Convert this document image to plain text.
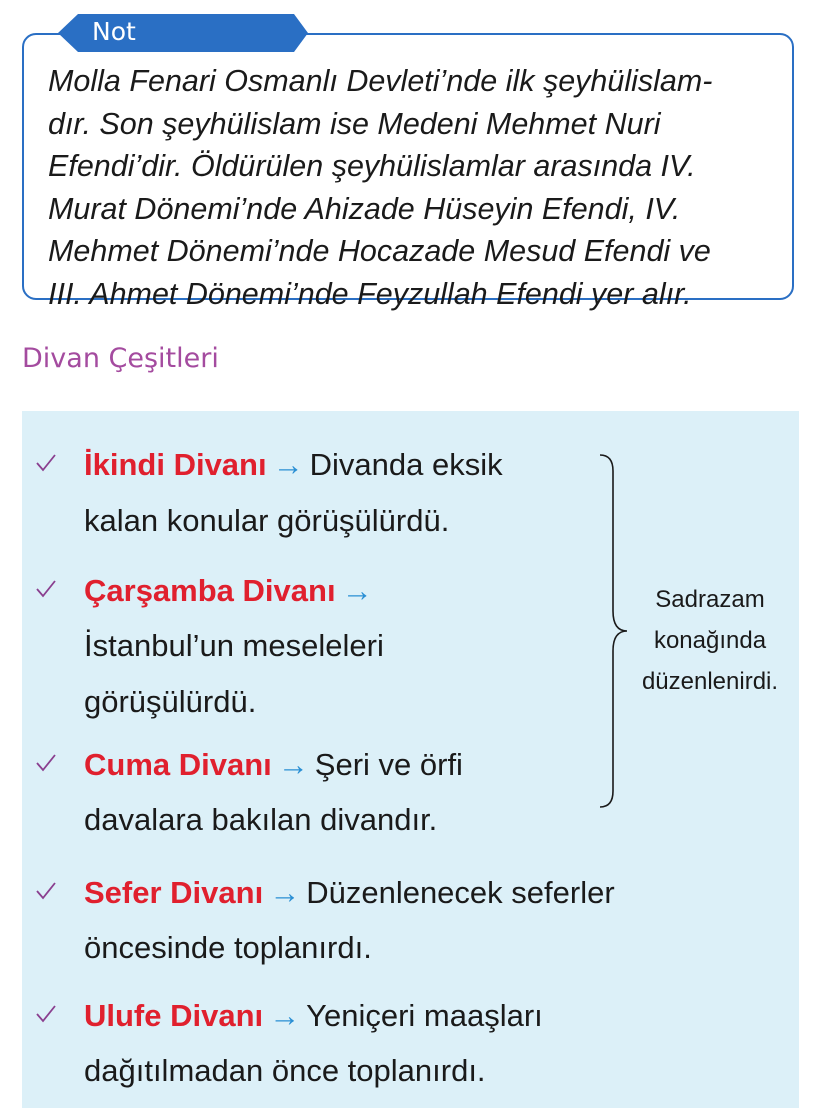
Not
Molla Fenari Osmanlı Devleti’nde ilk şeyhülislam-
dır. Son şeyhülislam ise Medeni Mehmet Nuri
Efendi’dir. Öldürülen şeyhülislamlar arasında IV.
Murat Dönemi’nde Ahizade Hüseyin Efendi, IV.
Mehmet Dönemi’nde Hocazade Mesud Efendi ve
III. Ahmet Dönemi’nde Feyzullah Efendi yer alır.
Divan Çeşitleri
İkindi Divanı → Divanda eksik
kalan konular görüşülürdü.
Çarşamba Divanı →
İstanbul’un meseleleri
görüşülürdü.
Cuma Divanı → Şeri ve örfi
davalara bakılan divandır.
Sefer Divanı → Düzenlenecek seferler
öncesinde toplanırdı.
Ulufe Divanı → Yeniçeri maaşları
dağıtılmadan önce toplanırdı.
Sadrazam
konağında
düzenlenirdi.
